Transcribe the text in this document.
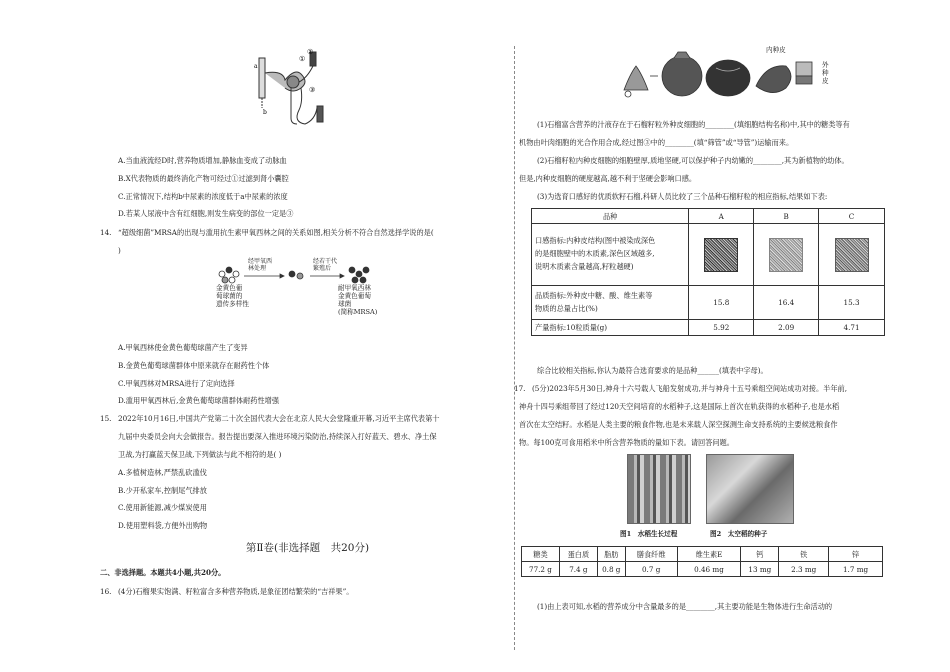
①
②
③
a
b
A.当血液流经D时,营养物质增加,静脉血变成了动脉血
B.X代表物质的最终消化产物可经过①过滤到肾小囊腔
C.正常情况下,结构b中尿素的浓度低于a中尿素的浓度
D.若某人尿液中含有红细胞,则发生病变的部位一定是③
14. “超级细菌”MRSA的出现与滥用抗生素甲氧西林之间的关系如图,相关分析不符合自然选择学说的是(
)
金黄色葡
萄球菌的
遗传多样性
经甲氧西
林处理
经若干代
繁殖后
耐甲氧西林
金黄色葡萄
球菌
(简称MRSA)
A.甲氧西林使金黄色葡萄球菌产生了变异
B.金黄色葡萄球菌群体中原来就存在耐药性个体
C.甲氧西林对MRSA进行了定向选择
D.滥用甲氧西林后,金黄色葡萄球菌群体耐药性增强
15. 2022年10月16日,中国共产党第二十次全国代表大会在北京人民大会堂隆重开幕,习近平主席代表第十
九届中央委员会向大会做报告。报告提出要深入推进环境污染防治,持续深入打好蓝天、碧水、净土保
卫战,为打赢蓝天保卫战,下列做法与此不相符的是( )
A.多植树造林,严禁乱砍滥伐
B.少开私家车,控制尾气排放
C.使用新能源,减少煤炭使用
D.使用塑料袋,方便外出购物
第Ⅱ卷(非选择题　共20分)
二、非选择题。本题共4小题,共20分。
16. (4分)石榴果实饱满、籽粒富含多种营养物质,是象征团结繁荣的“吉祥果”。
内种皮
外
种
皮
(1)石榴富含营养的汁液存在于石榴籽粒外种皮细胞的________(填细胞结构名称)中,其中的糖类等有
机物由叶肉细胞的光合作用合成,经过图③中的________(填“筛管”或“导管”)运输而来。
(2)石榴籽粒内种皮细胞的细胞壁厚,质地坚硬,可以保护种子内幼嫩的________,其为新植物的幼体。
但是,内种皮细胞的硬度越高,越不利于坚硬会影响口感。
(3)为选育口感好的优质软籽石榴,科研人员比较了三个品种石榴籽粒的相应指标,结果如下表:
品种	A	B	C

口感指标:内种皮结构(图中被染成深色
的是细胞壁中的木质素,深色区域越多,
说明木质素含量越高,籽粒越硬)			

品质指标:外种皮中糖、酸、维生素等
物质的总量占比(%)	15.8	16.4	15.3
产量指标:10粒质量(g)	5.92	2.09	4.71
综合比较相关指标,你认为最符合选育要求的是品种______(填表中字母)。
17. (5分)2023年5月30日,神舟十六号载人飞船发射成功,并与神舟十五号乘组空间站成功对接。半年前,
神舟十四号乘组带回了经过120天空间培育的水稻种子,这是国际上首次在轨获得的水稻种子,也是水稻
首次在太空结籽。水稻是人类主要的粮食作物,也是未来载人深空探测生命支持系统的主要候选粮食作
物。每100克可食用稻米中所含营养物质的量如下表。请回答问题。
图1　水稻生长过程	图2　太空稻的种子
糖类	蛋白质	脂肪	膳食纤维	维生素E	钙	铁	锌
77.2 g	7.4 g	0.8 g	0.7 g	0.46 mg	13 mg	2.3 mg	1.7 mg
(1)由上表可知,水稻的营养成分中含量最多的是________,其主要功能是生物体进行生命活动的
